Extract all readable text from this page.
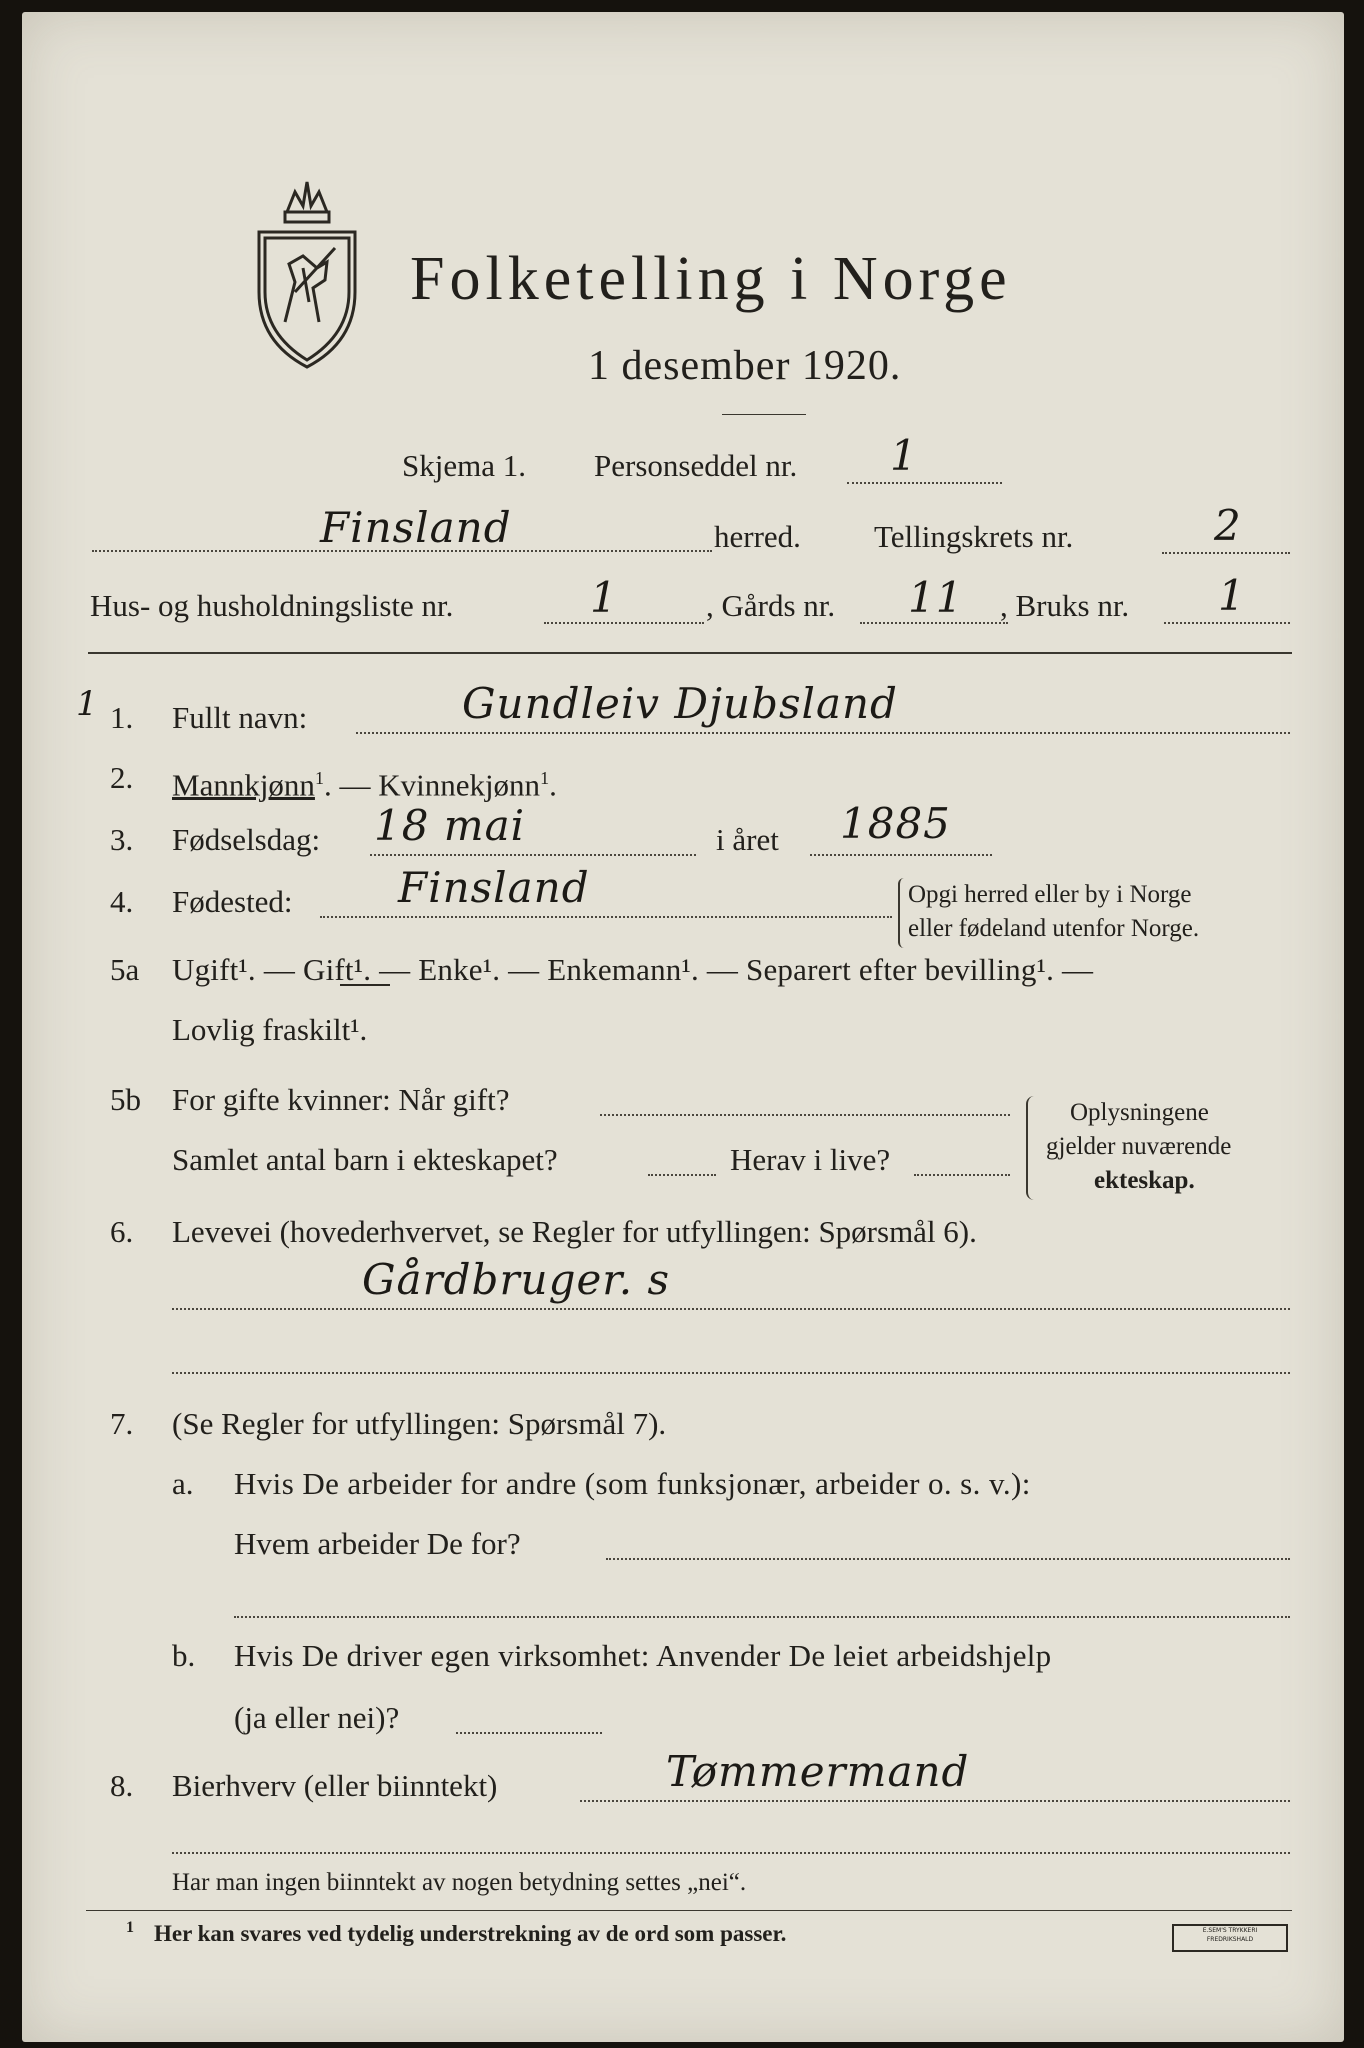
Folketelling i Norge
1 desember 1920.
Skjema 1. Personseddel nr. 1
Finsland	herred. Tellingskrets nr.	2
Hus- og husholdningsliste nr.	1	, Gårds nr. 11 , Bruks nr. 1
1 1. Fullt navn:	Gundleiv Djubsland
2. Mannkjønn$^1$. — Kvinnekjønn$^1$.
3. Fødselsdag: 18 mai	i året 1885
4. Fødested:	Finsland	Opgi herred eller by i Norge
eller fødeland utenfor Norge.
5a Ugift¹. — Gift¹. — Enke¹. — Enkemann¹. — Separert efter bevilling¹. —
Lovlig fraskilt¹.
5b For gifte kvinner: Når gift?
Samlet antal barn i ekteskapet?	Herav i live?
Oplysningene
gjelder nuværende
ekteskap.
6. Levevei (hovederhvervet, se Regler for utfyllingen: Spørsmål 6).
Gårdbruger. s
7. (Se Regler for utfyllingen: Spørsmål 7).
a. Hvis De arbeider for andre (som funksjonær, arbeider o. s. v.):
Hvem arbeider De for?
b. Hvis De driver egen virksomhet: Anvender De leiet arbeidshjelp
(ja eller nei)?
8. Bierhverv (eller biinntekt)	Tømmermand
Har man ingen biinntekt av nogen betydning settes „nei“.
1 Her kan svares ved tydelig understrekning av de ord som passer.	E.SEM'S TRYKKERI
FREDRIKSHALD
